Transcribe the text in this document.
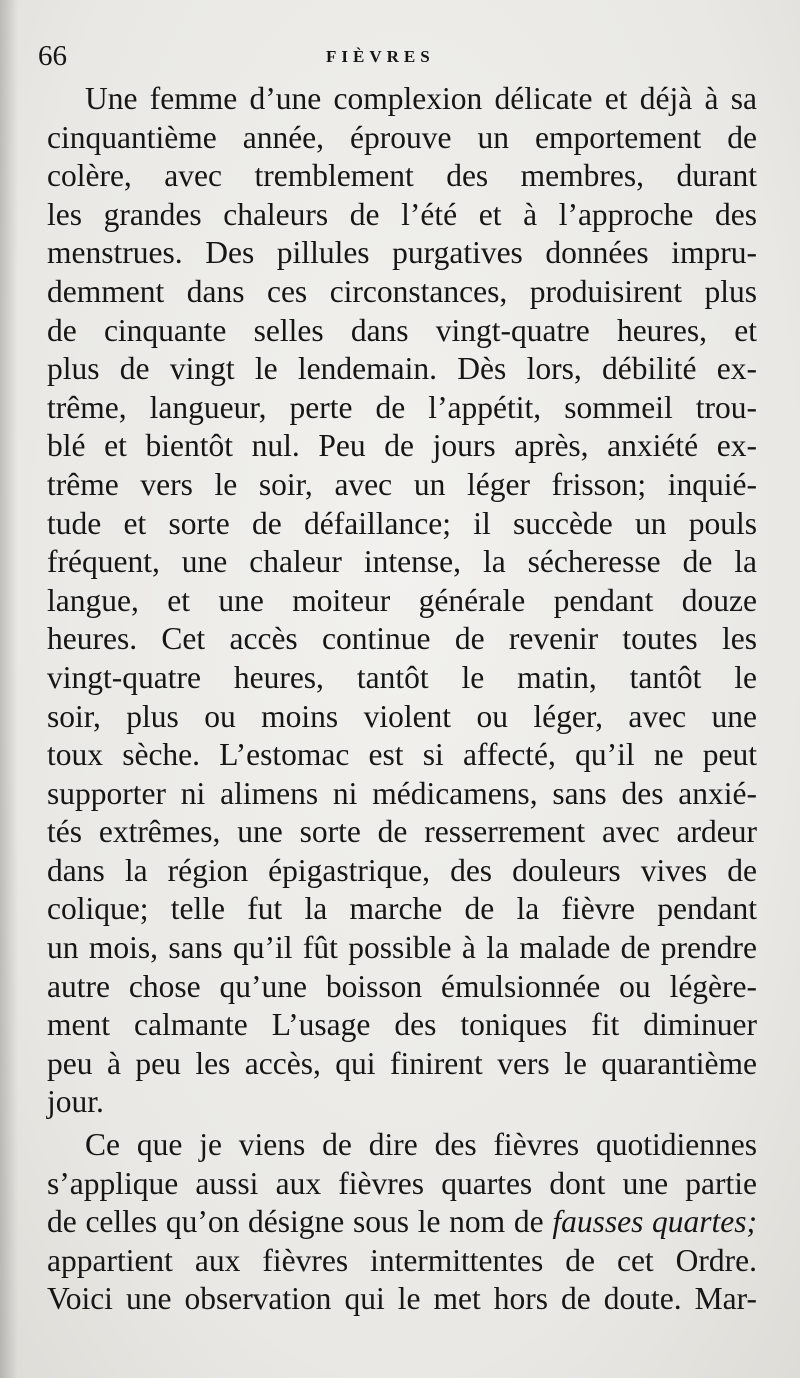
66	FIÈVRES
Une femme d’une complexion délicate et déjà à sa
cinquantième année, éprouve un emportement de
colère, avec tremblement des membres, durant
les grandes chaleurs de l’été et à l’approche des
menstrues. Des pillules purgatives données impru-
demment dans ces circonstances, produisirent plus
de cinquante selles dans vingt-quatre heures, et
plus de vingt le lendemain. Dès lors, débilité ex-
trême, langueur, perte de l’appétit, sommeil trou-
blé et bientôt nul. Peu de jours après, anxiété ex-
trême vers le soir, avec un léger frisson; inquié-
tude et sorte de défaillance; il succède un pouls
fréquent, une chaleur intense, la sécheresse de la
langue, et une moiteur générale pendant douze
heures. Cet accès continue de revenir toutes les
vingt-quatre heures, tantôt le matin, tantôt le
soir, plus ou moins violent ou léger, avec une
toux sèche. L’estomac est si affecté, qu’il ne peut
supporter ni alimens ni médicamens, sans des anxié-
tés extrêmes, une sorte de resserrement avec ardeur
dans la région épigastrique, des douleurs vives de
colique; telle fut la marche de la fièvre pendant
un mois, sans qu’il fût possible à la malade de prendre
autre chose qu’une boisson émulsionnée ou légère-
ment calmante L’usage des toniques fit diminuer
peu à peu les accès, qui finirent vers le quarantième
jour.
Ce que je viens de dire des fièvres quotidiennes
s’applique aussi aux fièvres quartes dont une partie
de celles qu’on désigne sous le nom de fausses quartes;
appartient aux fièvres intermittentes de cet Ordre.
Voici une observation qui le met hors de doute. Mar-
